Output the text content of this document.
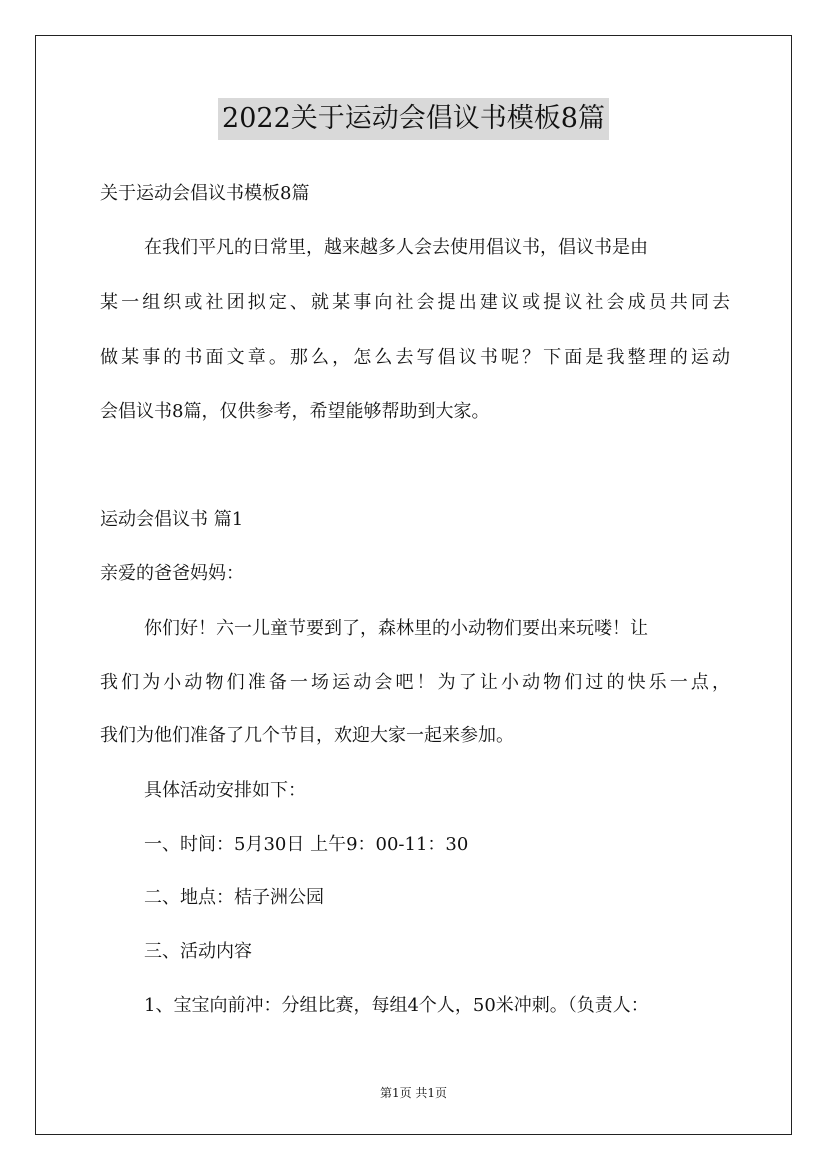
2022关于运动会倡议书模板8篇
关于运动会倡议书模板8篇
在我们平凡的日常里，越来越多人会去使用倡议书，倡议书是由
某一组织或社团拟定、就某事向社会提出建议或提议社会成员共同去
做某事的书面文章。那么，怎么去写倡议书呢？下面是我整理的运动
会倡议书8篇，仅供参考，希望能够帮助到大家。
运动会倡议书 篇1
亲爱的爸爸妈妈：
你们好！六一儿童节要到了，森林里的小动物们要出来玩喽！让
我们为小动物们准备一场运动会吧！为了让小动物们过的快乐一点，
我们为他们准备了几个节目，欢迎大家一起来参加。
具体活动安排如下：
一、时间：5月30日 上午9：00-11：30
二、地点：桔子洲公园
三、活动内容
1、宝宝向前冲：分组比赛，每组4个人，50米冲刺。（负责人：
第1页 共1页
